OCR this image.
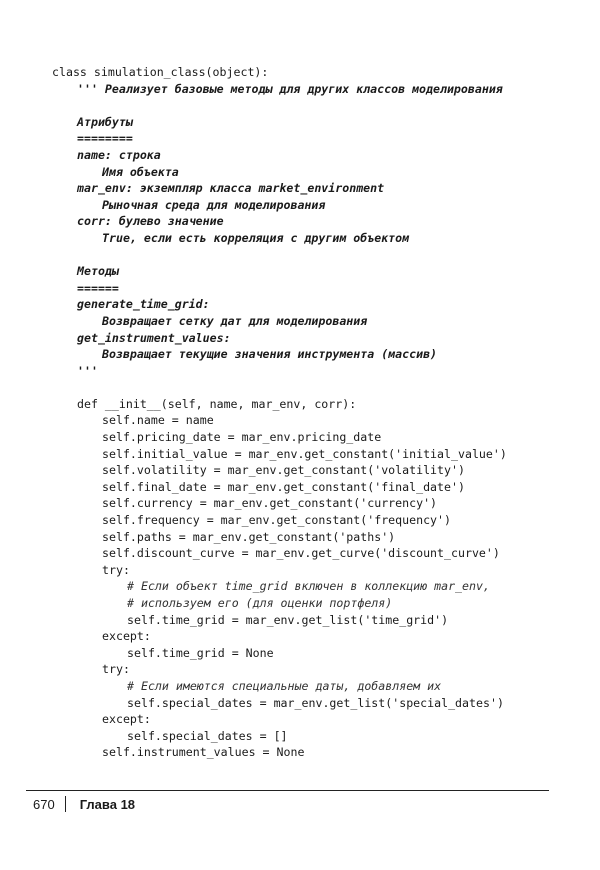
class simulation_class(object):
''' Реализует базовые методы для других классов моделирования
Атрибуты
========
name: строка
Имя объекта
mar_env: экземпляр класса market_environment
Рыночная среда для моделирования
corr: булево значение
True, если есть корреляция с другим объектом
Методы
======
generate_time_grid:
Возвращает сетку дат для моделирования
get_instrument_values:
Возвращает текущие значения инструмента (массив)
'''
def __init__(self, name, mar_env, corr):
self.name = name
self.pricing_date = mar_env.pricing_date
self.initial_value = mar_env.get_constant('initial_value')
self.volatility = mar_env.get_constant('volatility')
self.final_date = mar_env.get_constant('final_date')
self.currency = mar_env.get_constant('currency')
self.frequency = mar_env.get_constant('frequency')
self.paths = mar_env.get_constant('paths')
self.discount_curve = mar_env.get_curve('discount_curve')
try:
# Если объект time_grid включен в коллекцию mar_env,
# используем его (для оценки портфеля)
self.time_grid = mar_env.get_list('time_grid')
except:
self.time_grid = None
try:
# Если имеются специальные даты, добавляем их
self.special_dates = mar_env.get_list('special_dates')
except:
self.special_dates = []
self.instrument_values = None
670 Глава 18
